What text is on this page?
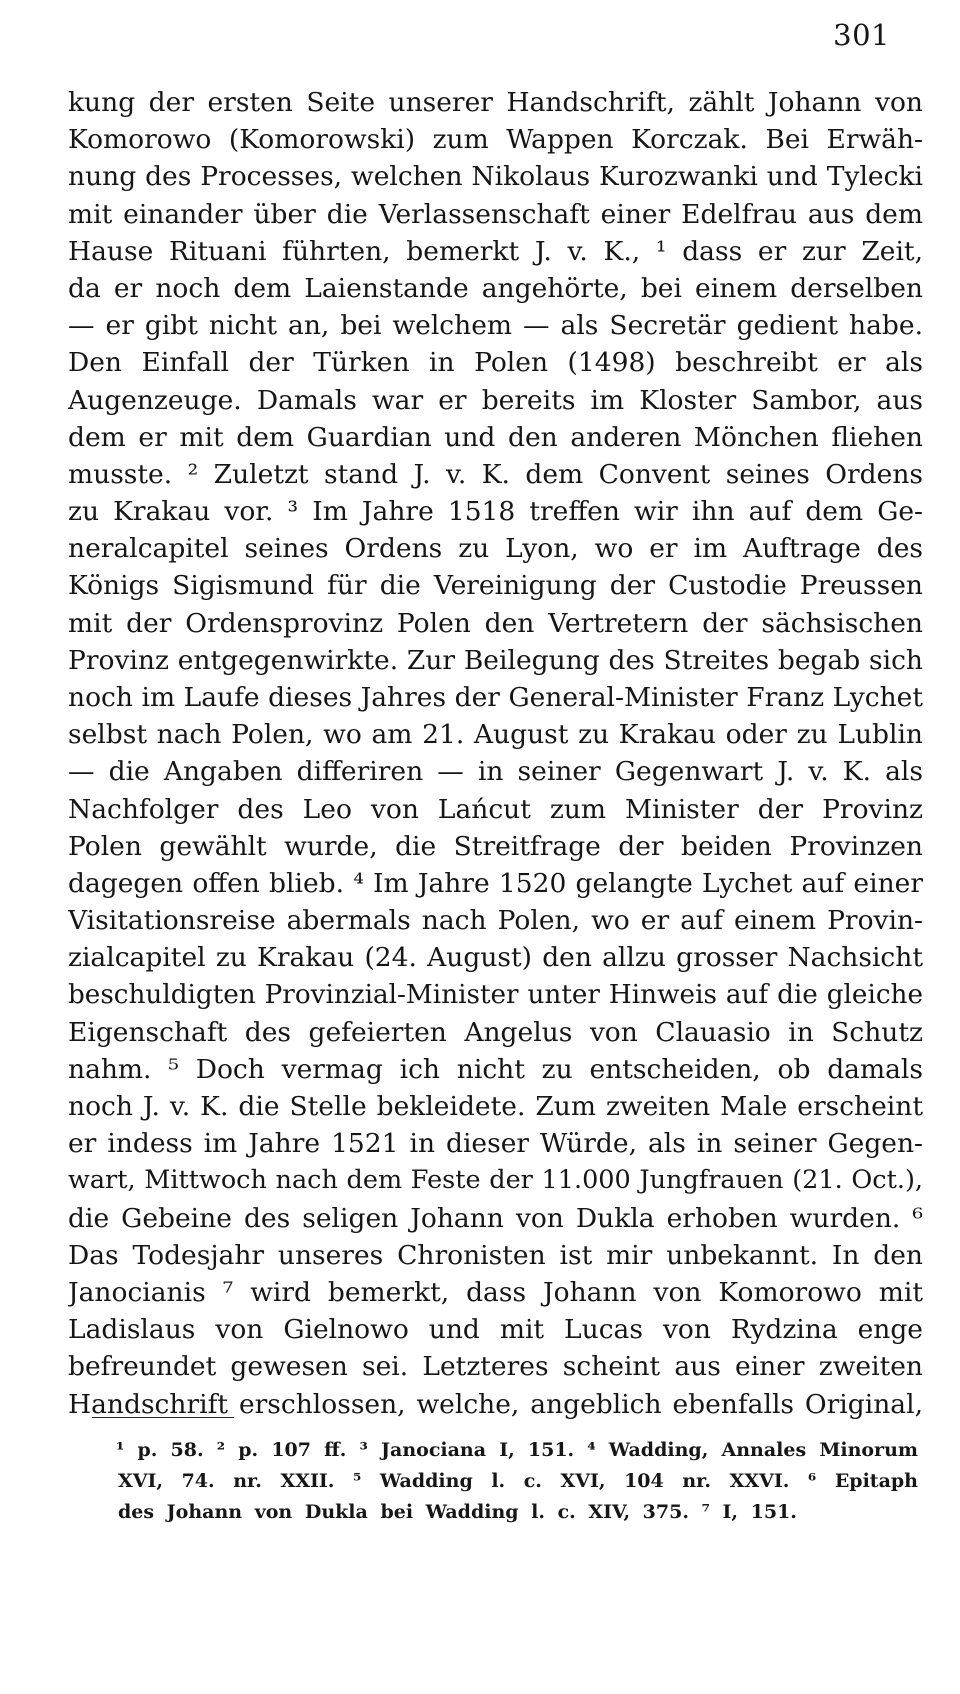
301
kung der ersten Seite unserer Handschrift, zählt Johann von
Komorowo (Komorowski) zum Wappen Korczak. Bei Erwäh-
nung des Processes, welchen Nikolaus Kurozwanki und Tylecki
mit einander über die Verlassenschaft einer Edelfrau aus dem
Hause Rituani führten, bemerkt J. v. K., ¹ dass er zur Zeit,
da er noch dem Laienstande angehörte, bei einem derselben
— er gibt nicht an, bei welchem — als Secretär gedient habe.
Den Einfall der Türken in Polen (1498) beschreibt er als
Augenzeuge. Damals war er bereits im Kloster Sambor, aus
dem er mit dem Guardian und den anderen Mönchen fliehen
musste. ² Zuletzt stand J. v. K. dem Convent seines Ordens
zu Krakau vor. ³ Im Jahre 1518 treffen wir ihn auf dem Ge-
neralcapitel seines Ordens zu Lyon, wo er im Auftrage des
Königs Sigismund für die Vereinigung der Custodie Preussen
mit der Ordensprovinz Polen den Vertretern der sächsischen
Provinz entgegenwirkte. Zur Beilegung des Streites begab sich
noch im Laufe dieses Jahres der General-Minister Franz Lychet
selbst nach Polen, wo am 21. August zu Krakau oder zu Lublin
— die Angaben differiren — in seiner Gegenwart J. v. K. als
Nachfolger des Leo von Lańcut zum Minister der Provinz
Polen gewählt wurde, die Streitfrage der beiden Provinzen
dagegen offen blieb. ⁴ Im Jahre 1520 gelangte Lychet auf einer
Visitationsreise abermals nach Polen, wo er auf einem Provin-
zialcapitel zu Krakau (24. August) den allzu grosser Nachsicht
beschuldigten Provinzial-Minister unter Hinweis auf die gleiche
Eigenschaft des gefeierten Angelus von Clauasio in Schutz
nahm. ⁵ Doch vermag ich nicht zu entscheiden, ob damals
noch J. v. K. die Stelle bekleidete. Zum zweiten Male erscheint
er indess im Jahre 1521 in dieser Würde, als in seiner Gegen-
wart, Mittwoch nach dem Feste der 11.000 Jungfrauen (21. Oct.),
die Gebeine des seligen Johann von Dukla erhoben wurden. ⁶
Das Todesjahr unseres Chronisten ist mir unbekannt. In den
Janocianis ⁷ wird bemerkt, dass Johann von Komorowo mit
Ladislaus von Gielnowo und mit Lucas von Rydzina enge
befreundet gewesen sei. Letzteres scheint aus einer zweiten
Handschrift erschlossen, welche, angeblich ebenfalls Original,
¹ p. 58. ² p. 107 ff. ³ Janociana I, 151. ⁴ Wadding, Annales Minorum
XVI, 74. nr. XXII. ⁵ Wadding l. c. XVI, 104 nr. XXVI. ⁶ Epitaph
des Johann von Dukla bei Wadding l. c. XIV, 375. ⁷ I, 151.
